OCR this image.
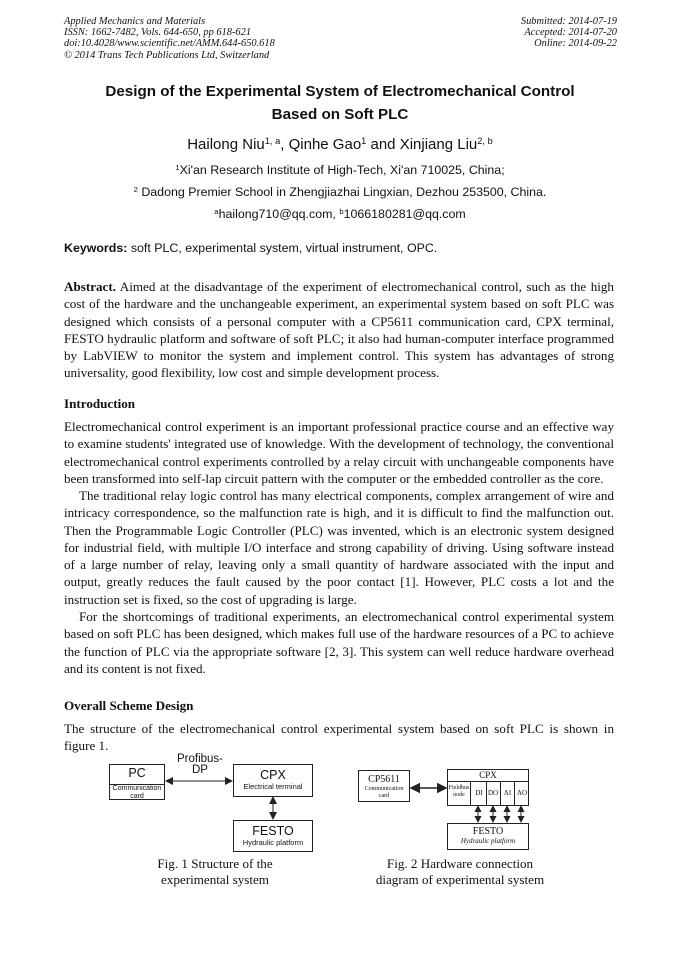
Applied Mechanics and Materials
ISSN: 1662-7482, Vols. 644-650, pp 618-621
doi:10.4028/www.scientific.net/AMM.644-650.618
© 2014 Trans Tech Publications Ltd, Switzerland
Submitted: 2014-07-19
Accepted: 2014-07-20
Online: 2014-09-22
Design of the Experimental System of Electromechanical Control
Based on Soft PLC
Hailong Niu$^{1, a}$, Qinhe Gao$^1$ and Xinjiang Liu$^{2, b}$
$^1$Xi'an Research Institute of High-Tech, Xi'an 710025, China;
$^2$ Dadong Premier School in Zhengjiazhai Lingxian, Dezhou 253500, China.
$^a$hailong710@qq.com, $^b$1066180281@qq.com
Keywords: soft PLC, experimental system, virtual instrument, OPC.
Abstract. Aimed at the disadvantage of the experiment of electromechanical control, such as the high cost of the hardware and the unchangeable experiment, an experimental system based on soft PLC was designed which consists of a personal computer with a CP5611 communication card, CPX terminal, FESTO hydraulic platform and software of soft PLC; it also had human-computer interface programmed by LabVIEW to monitor the system and implement control. This system has advantages of strong universality, good flexibility, low cost and simple development process.
Introduction
Electromechanical control experiment is an important professional practice course and an effective way to examine students' integrated use of knowledge. With the development of technology, the conventional electromechanical control experiments controlled by a relay circuit with unchangeable components have been transformed into self-lap circuit pattern with the computer or the embedded controller as the core.
The traditional relay logic control has many electrical components, complex arrangement of wire and intricacy correspondence, so the malfunction rate is high, and it is difficult to find the malfunction out. Then the Programmable Logic Controller (PLC) was invented, which is an electronic system designed for industrial field, with multiple I/O interface and strong capability of driving. Using software instead of a large number of relay, leaving only a small quantity of hardware associated with the input and output, greatly reduces the fault caused by the poor contact [1]. However, PLC costs a lot and the instruction set is fixed, so the cost of upgrading is large.
For the shortcomings of traditional experiments, an electromechanical control experimental system based on soft PLC has been designed, which makes full use of the hardware resources of a PC to achieve the function of PLC via the appropriate software [2, 3]. This system can well reduce hardware overhead and its content is not fixed.
Overall Scheme Design
The structure of the electromechanical control experimental system based on soft PLC is shown in figure 1.
PC
Communication card
Profibus-DP	CPX
Electrical terminal
FESTO
Hydraulic platform
Fig. 1 Structure of the
experimental system
CP5611
Communication card
CPX
Fieldbus node	DI DO AI AO
FESTO
Hydraulic platform
Fig. 2 Hardware connection
diagram of experimental system
